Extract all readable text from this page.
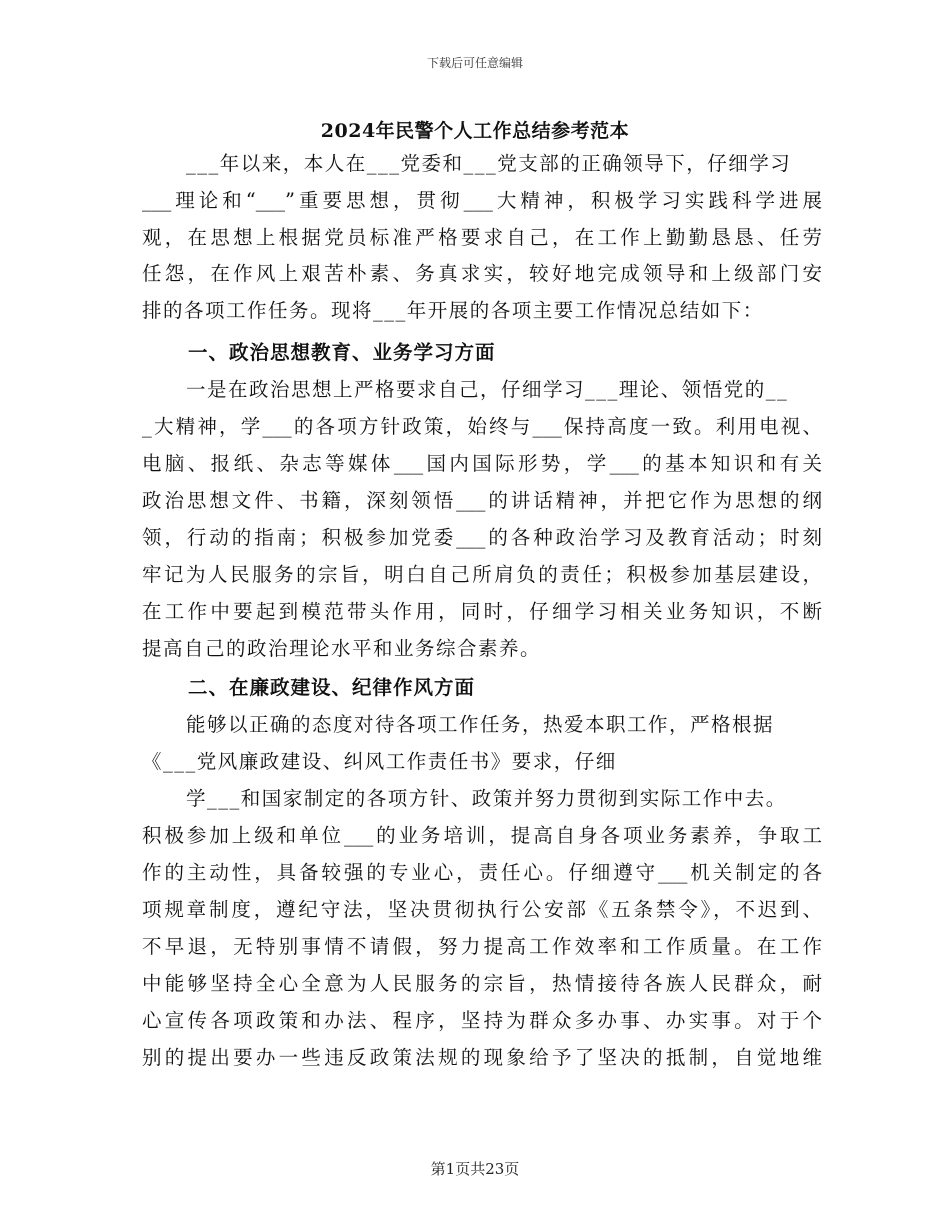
下载后可任意编辑
2024年民警个人工作总结参考范本
___年以来，本人在___党委和___党支部的正确领导下，仔细学习
___理论和“___”重要思想，贯彻___大精神，积极学习实践科学进展
观，在思想上根据党员标准严格要求自己，在工作上勤勤恳恳、任劳
任怨，在作风上艰苦朴素、务真求实，较好地完成领导和上级部门安
排的各项工作任务。现将___年开展的各项主要工作情况总结如下：
一、政治思想教育、业务学习方面
一是在政治思想上严格要求自己，仔细学习___理论、领悟党的__
_大精神，学___的各项方针政策，始终与___保持高度一致。利用电视、
电脑、报纸、杂志等媒体___国内国际形势，学___的基本知识和有关
政治思想文件、书籍，深刻领悟___的讲话精神，并把它作为思想的纲
领，行动的指南；积极参加党委___的各种政治学习及教育活动；时刻
牢记为人民服务的宗旨，明白自己所肩负的责任；积极参加基层建设，
在工作中要起到模范带头作用，同时，仔细学习相关业务知识，不断
提高自己的政治理论水平和业务综合素养。
二、在廉政建设、纪律作风方面
能够以正确的态度对待各项工作任务，热爱本职工作，严格根据
《___党风廉政建设、纠风工作责任书》要求，仔细
学___和国家制定的各项方针、政策并努力贯彻到实际工作中去。
积极参加上级和单位___的业务培训，提高自身各项业务素养，争取工
作的主动性，具备较强的专业心，责任心。仔细遵守___机关制定的各
项规章制度，遵纪守法，坚决贯彻执行公安部《五条禁令》，不迟到、
不早退，无特别事情不请假，努力提高工作效率和工作质量。在工作
中能够坚持全心全意为人民服务的宗旨，热情接待各族人民群众，耐
心宣传各项政策和办法、程序，坚持为群众多办事、办实事。对于个
别的提出要办一些违反政策法规的现象给予了坚决的抵制，自觉地维
第1页共23页
